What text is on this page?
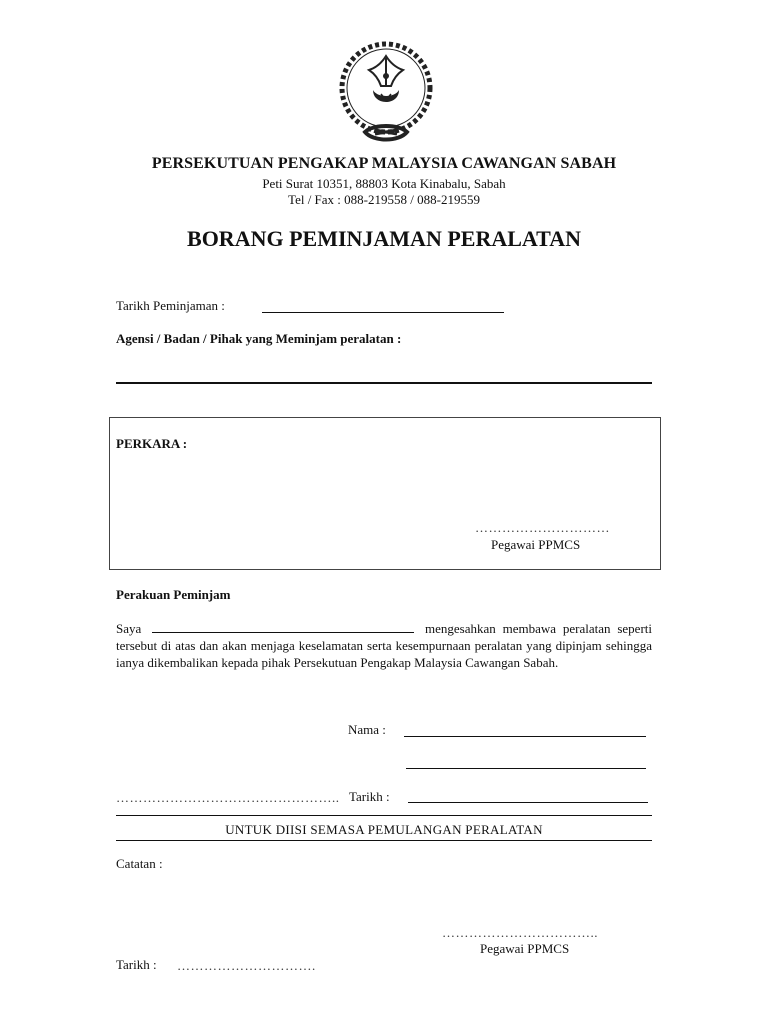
PERSEKUTUAN PENGAKAP MALAYSIA CAWANGAN SABAH
Peti Surat 10351, 88803 Kota Kinabalu, Sabah
Tel / Fax : 088-219558 / 088-219559
BORANG PEMINJAMAN PERALATAN
Tarikh Peminjaman :
Agensi / Badan / Pihak yang Meminjam peralatan :
PERKARA :
…………………………
Pegawai PPMCS
Perakuan Peminjam
Saya	mengesahkan membawa peralatan seperti tersebut di atas dan akan menjaga keselamatan serta kesempurnaan peralatan yang dipinjam sehingga ianya dikembalikan kepada pihak Persekutuan Pengakap Malaysia Cawangan Sabah.
Nama :
………………………………………….. Tarikh :
UNTUK DIISI SEMASA PEMULANGAN PERALATAN
Catatan :
……………………………..
Pegawai PPMCS
Tarikh : ………………………….
